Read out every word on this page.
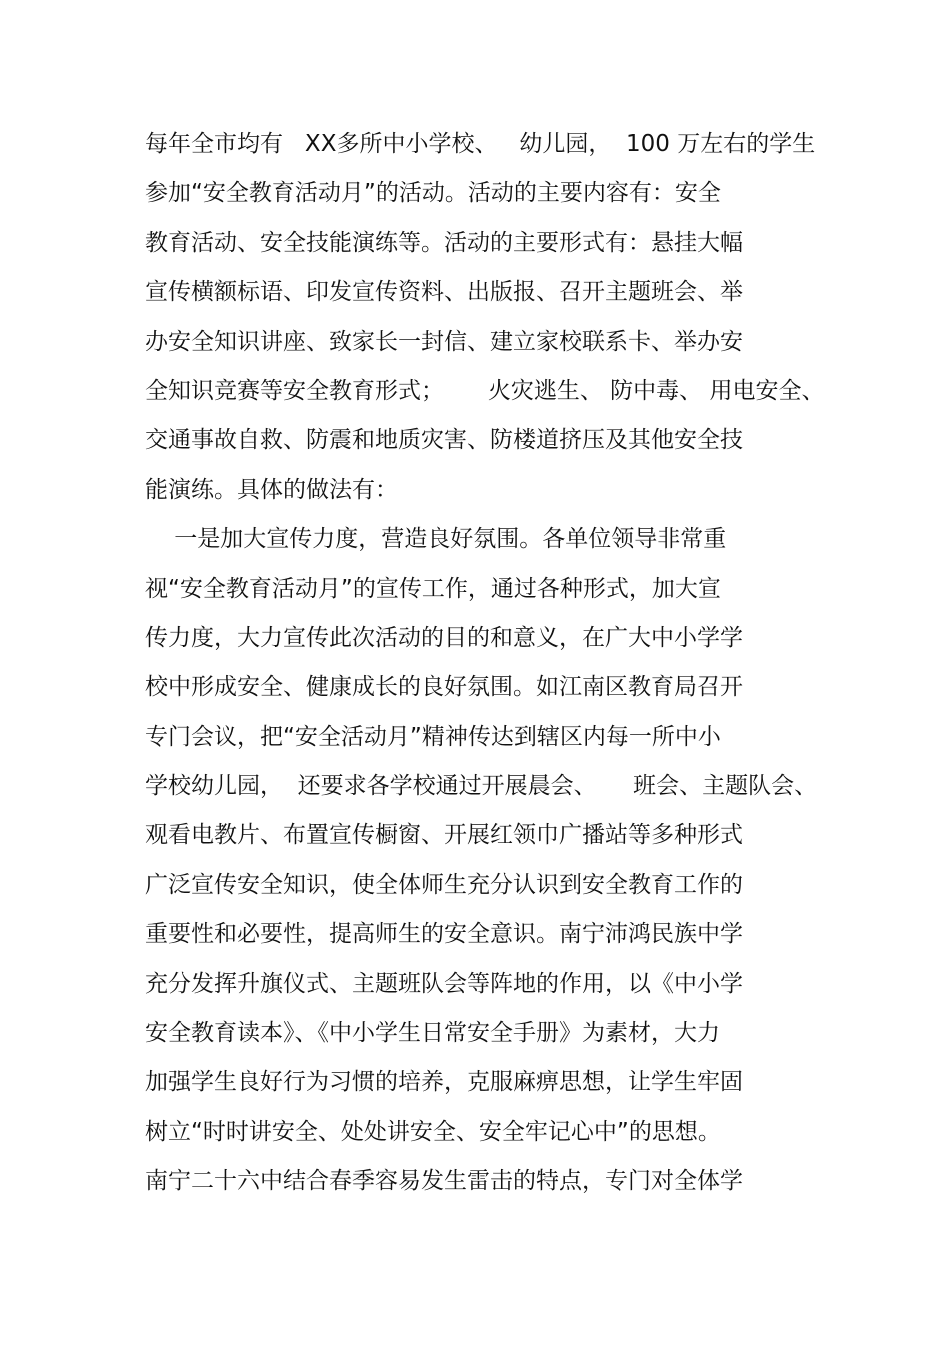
每年全市均有   XX多所中小学校、   幼儿园，  100 万左右的学生
参加“安全教育活动月”的活动。活动的主要内容有：安全
教育活动、安全技能演练等。活动的主要形式有：悬挂大幅
宣传横额标语、印发宣传资料、出版报、召开主题班会、举
办安全知识讲座、致家长一封信、建立家校联系卡、举办安
全知识竞赛等安全教育形式；      火灾逃生、 防中毒、 用电安全、
交通事故自救、防震和地质灾害、防楼道挤压及其他安全技
能演练。具体的做法有：
一是加大宣传力度，营造良好氛围。各单位领导非常重
视“安全教育活动月”的宣传工作，通过各种形式，加大宣
传力度，大力宣传此次活动的目的和意义，在广大中小学学
校中形成安全、健康成长的良好氛围。如江南区教育局召开
专门会议，把“安全活动月”精神传达到辖区内每一所中小
学校幼儿园，  还要求各学校通过开展晨会、     班会、主题队会、
观看电教片、布置宣传橱窗、开展红领巾广播站等多种形式
广泛宣传安全知识，使全体师生充分认识到安全教育工作的
重要性和必要性，提高师生的安全意识。南宁沛鸿民族中学
充分发挥升旗仪式、主题班队会等阵地的作用，以《中小学
安全教育读本》、《中小学生日常安全手册》为素材，大力
加强学生良好行为习惯的培养，克服麻痹思想，让学生牢固
树立“时时讲安全、处处讲安全、安全牢记心中”的思想。
南宁二十六中结合春季容易发生雷击的特点，专门对全体学
